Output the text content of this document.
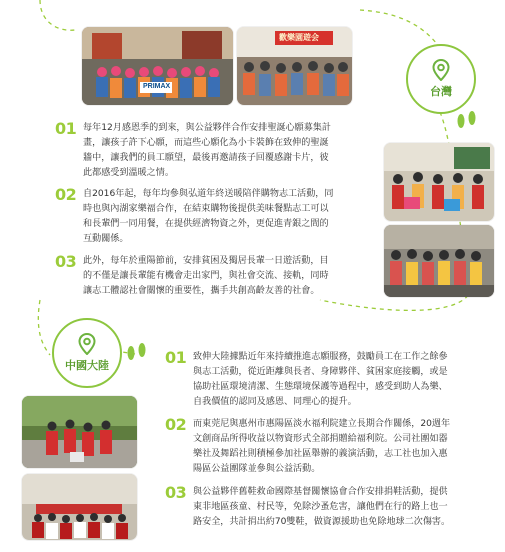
PRIMAX
歡樂園遊会
台灣
01 每年12月感恩季的到來，與公益夥伴合作安排聖誕心願募集計
畫，讓孩子許下心願，而這些心願化為小卡裝飾在致伸的聖誕
牆中，讓我們的員工願望，最後再邀請孩子回覆感謝卡片，彼
此都感受到溫暖之情。
02 自2016年起，每年均參與弘道年終送暖陪伴購物志工活動，同
時也與內湖家樂福合作，在結束購物後提供美味餐點志工可以
和長輩們一同用餐，在提供經濟物資之外，更促進青銀之間的
互動關係。
03 此外，每年於重陽節前，安排貧困及獨居長輩一日遊活動，目
的不僅是讓長輩能有機會走出家門，與社會交流、接軌，同時
讓志工體認社會關懷的重要性，攜手共創高齡友善的社會。
中國大陸	01 致伸大陸據點近年來持續推進志願服務，鼓勵員工在工作之餘參
與志工活動，從近距離與長者、身障夥伴、貧困家庭接觸，或是
協助社區環境清潔、生態環境保護等過程中，感受到助人為樂、
自我價值的認同及感恩、同理心的提升。
02 而東莞尼與惠州市惠陽區淡水福利院建立長期合作關係，20週年
文創商品所得收益以物資形式全部捐贈給福利院。公司社團如器
樂社及舞蹈社則積極參加社區舉辦的義演活動，志工社也加入惠
陽區公益團隊並參與公益活動。
03 與公益夥伴舊鞋救命國際基督關懷協會合作安排捐鞋活動，提供
東非地區孩童、村民等，免除沙蚤危害，讓他們在行的路上也一
路安全，共計捐出約70雙鞋，做資源援助也免除地球二次傷害。
